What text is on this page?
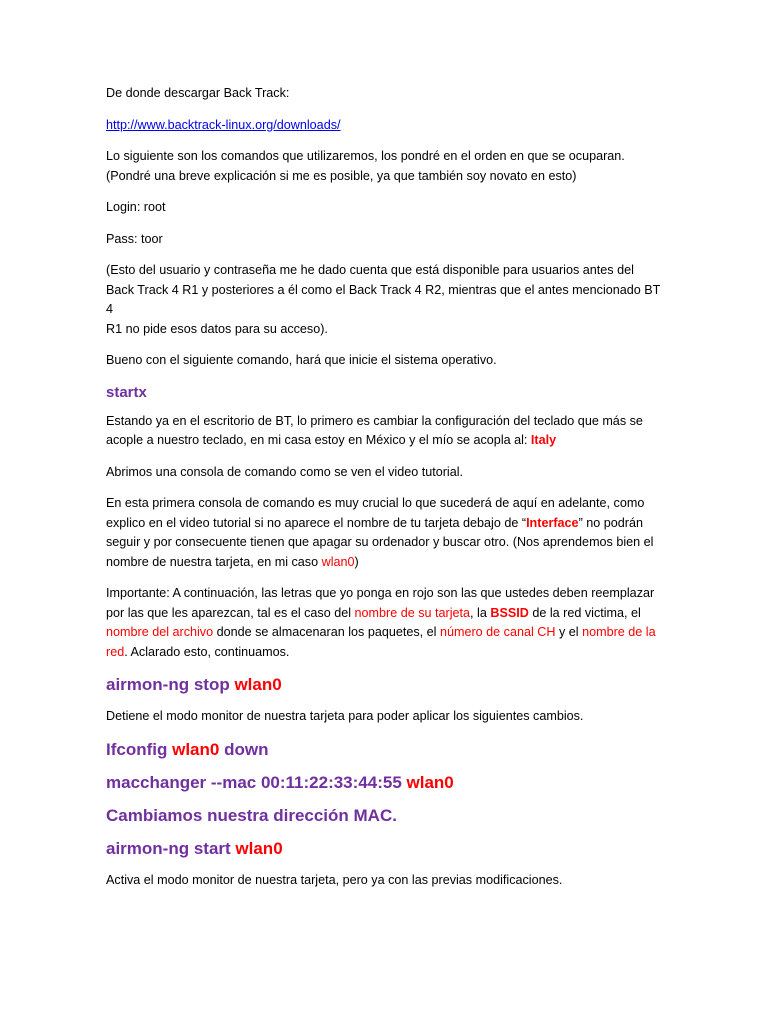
De donde descargar Back Track:

http://www.backtrack-linux.org/downloads/

Lo siguiente son los comandos que utilizaremos, los pondré en el orden en que se ocuparan.
(Pondré una breve explicación si me es posible, ya que también soy novato en esto)

Login: root

Pass: toor

(Esto del usuario y contraseña me he dado cuenta que está disponible para usuarios antes del
Back Track 4 R1 y posteriores a él como el Back Track 4 R2, mientras que el antes mencionado BT 4
R1 no pide esos datos para su acceso).

Bueno con el siguiente comando, hará que inicie el sistema operativo.

startx

Estando ya en el escritorio de BT, lo primero es cambiar la configuración del teclado que más se
acople a nuestro teclado, en mi casa estoy en México y el mío se acopla al: Italy

Abrimos una consola de comando como se ven el video tutorial.

En esta primera consola de comando es muy crucial lo que sucederá de aquí en adelante, como
explico en el video tutorial si no aparece el nombre de tu tarjeta debajo de “Interface” no podrán
seguir y por consecuente tienen que apagar su ordenador y buscar otro. (Nos aprendemos bien el
nombre de nuestra tarjeta, en mi caso wlan0)

Importante: A continuación, las letras que yo ponga en rojo son las que ustedes deben reemplazar
por las que les aparezcan, tal es el caso del nombre de su tarjeta, la BSSID de la red victima, el
nombre del archivo donde se almacenaran los paquetes, el número de canal CH y el nombre de la
red. Aclarado esto, continuamos.

airmon-ng stop wlan0

Detiene el modo monitor de nuestra tarjeta para poder aplicar los siguientes cambios.

Ifconfig wlan0 down

macchanger --mac 00:11:22:33:44:55 wlan0

Cambiamos nuestra dirección MAC.

airmon-ng start wlan0

Activa el modo monitor de nuestra tarjeta, pero ya con las previas modificaciones.
